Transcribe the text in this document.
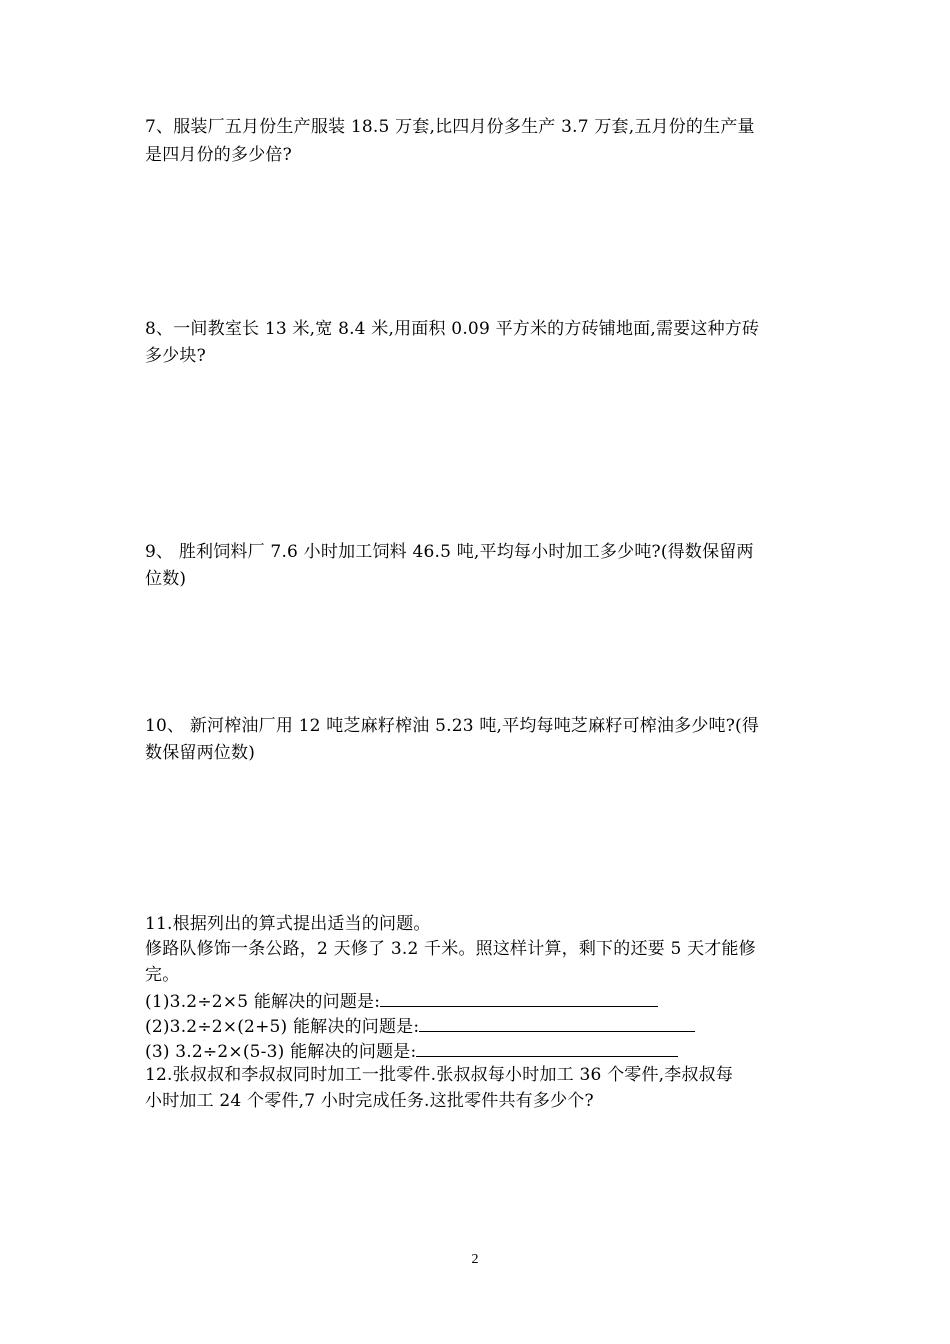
7、服装厂五月份生产服装 18.5 万套,比四月份多生产 3.7 万套,五月份的生产量
是四月份的多少倍?
8、一间教室长 13 米,宽 8.4 米,用面积 0.09 平方米的方砖铺地面,需要这种方砖
多少块?
9、 胜利饲料厂 7.6 小时加工饲料 46.5 吨,平均每小时加工多少吨?(得数保留两
位数)
10、 新河榨油厂用 12 吨芝麻籽榨油 5.23 吨,平均每吨芝麻籽可榨油多少吨?(得
数保留两位数)
11.根据列出的算式提出适当的问题。
修路队修饰一条公路，2 天修了 3.2 千米。照这样计算，剩下的还要 5 天才能修
完。
(1)3.2÷2×5 能解决的问题是:
(2)3.2÷2×(2+5) 能解决的问题是:
(3) 3.2÷2×(5-3) 能解决的问题是:
12.张叔叔和李叔叔同时加工一批零件.张叔叔每小时加工 36 个零件,李叔叔每
小时加工 24 个零件,7 小时完成任务.这批零件共有多少个?
2
